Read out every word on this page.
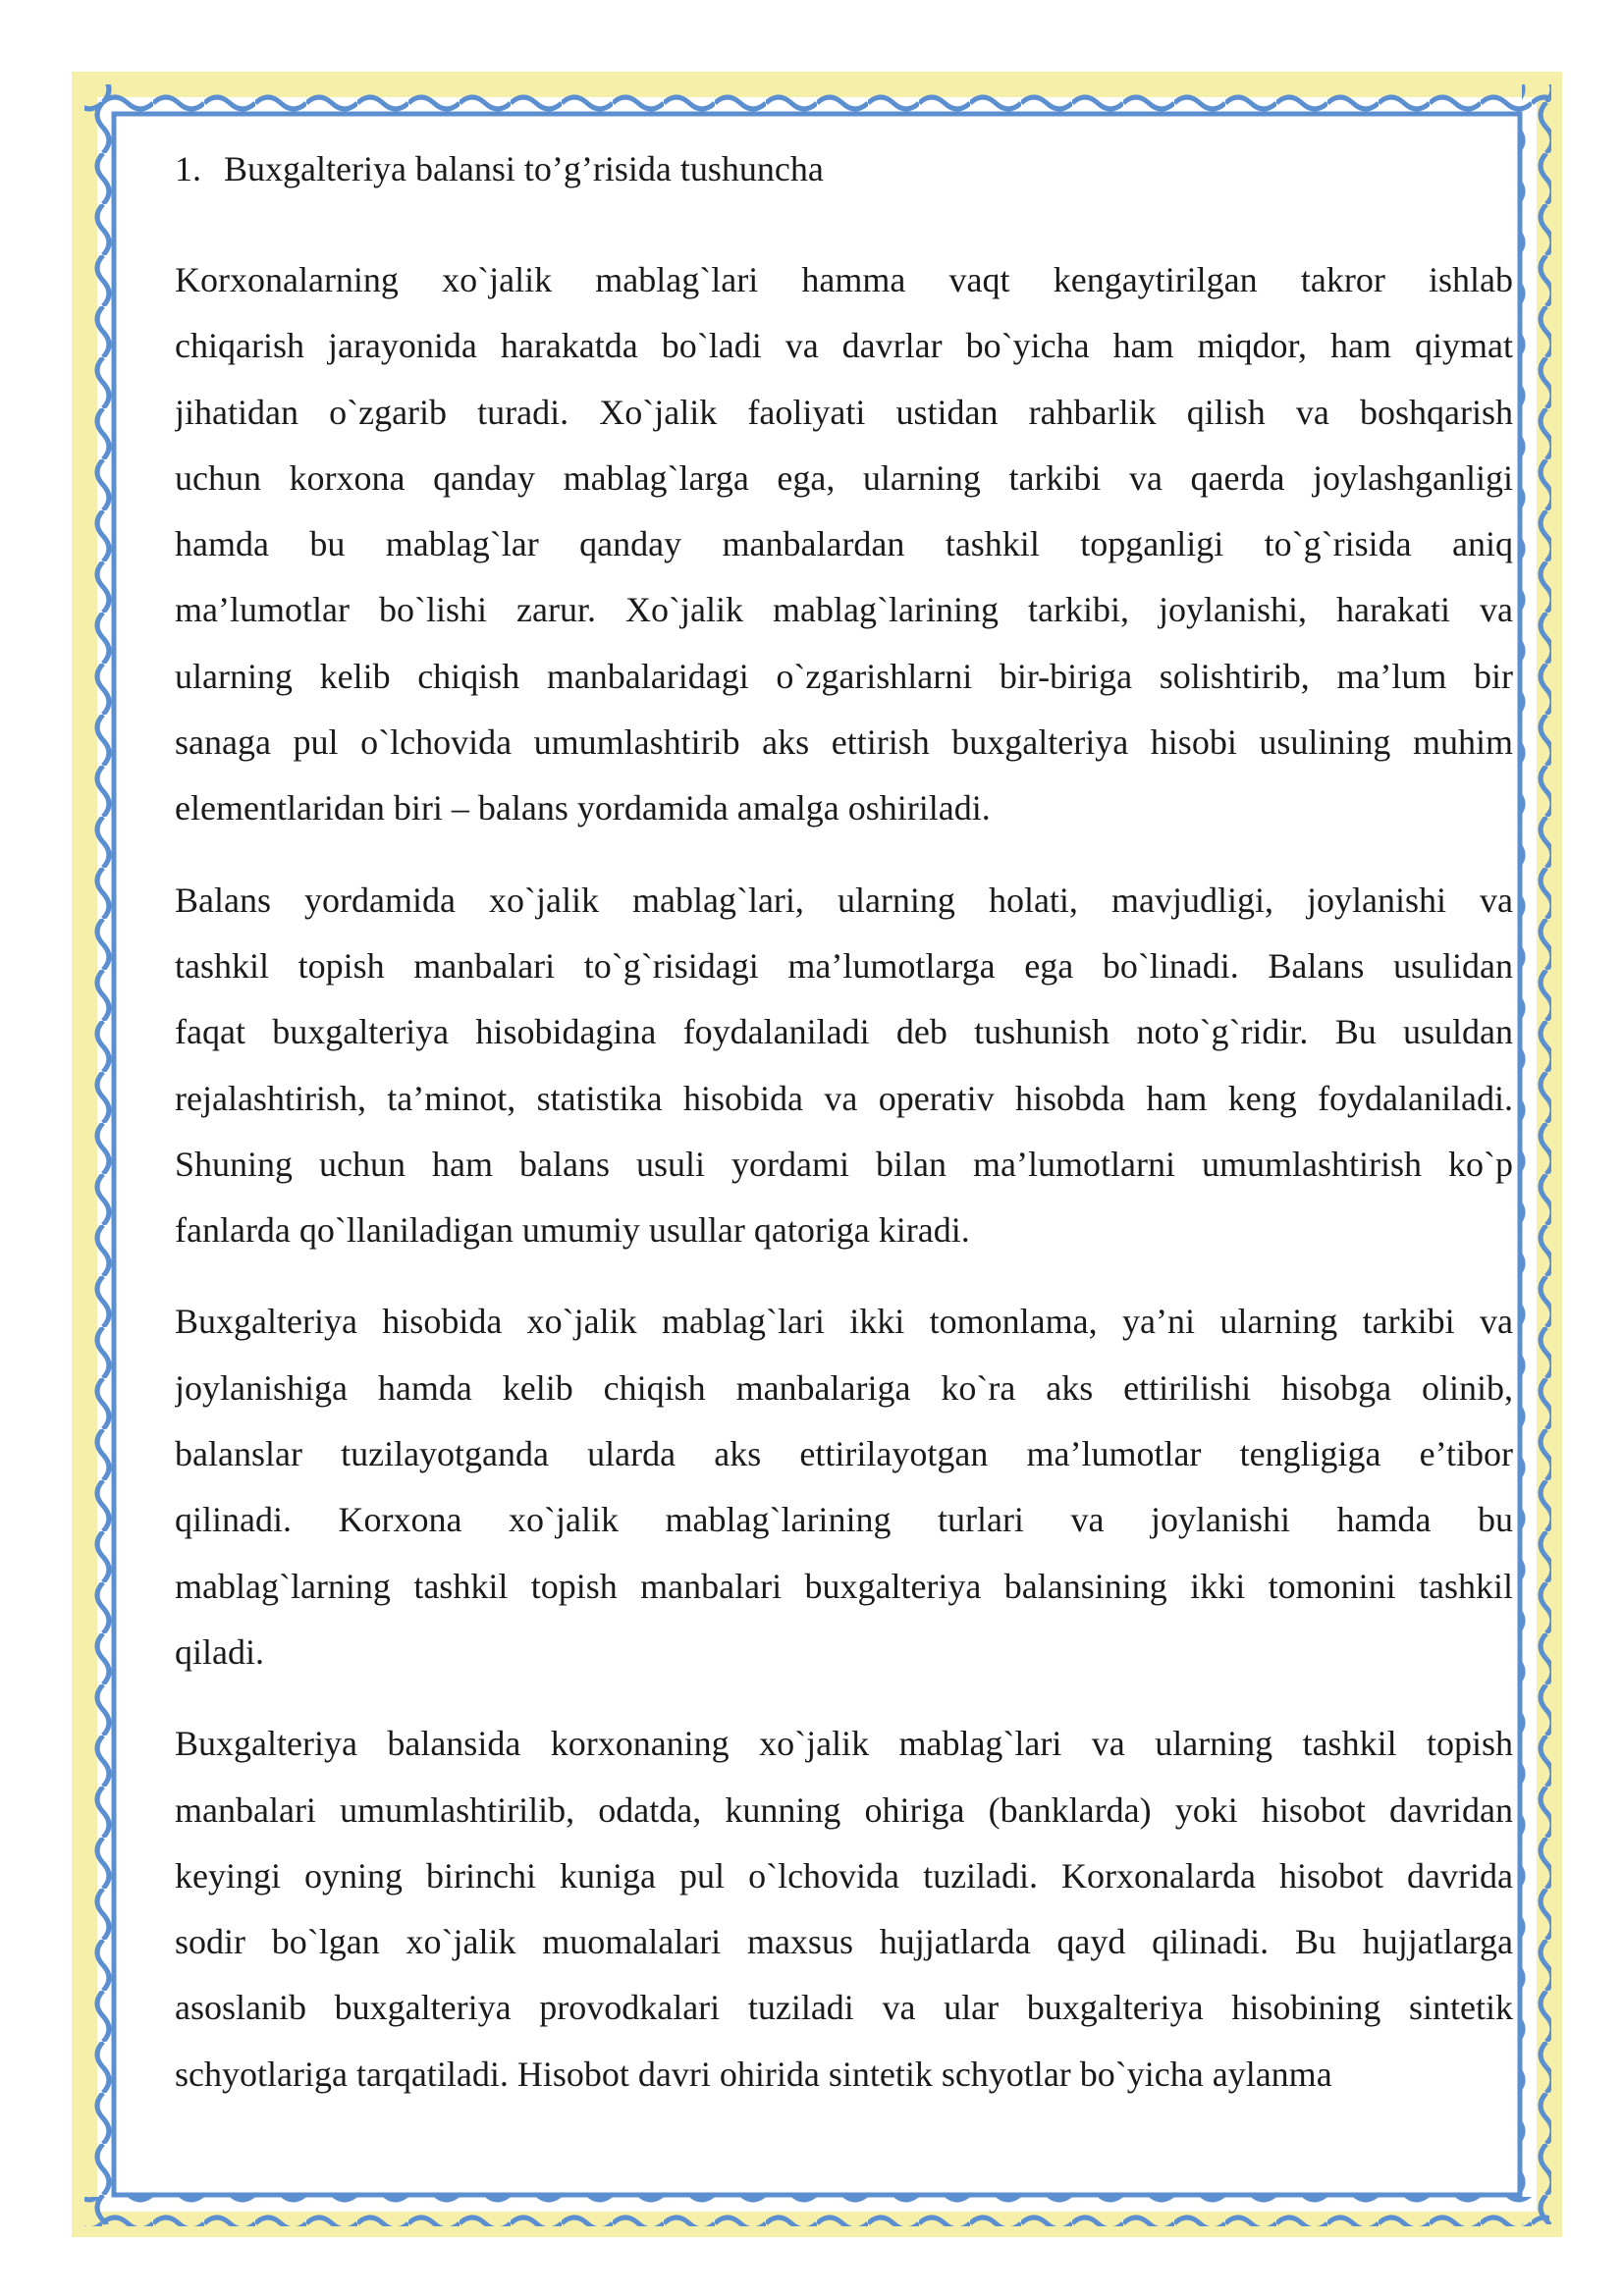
1. Buxgalteriya balansi to’g’risida tushuncha
Korxonalarning xo`jalik mablag`lari hamma vaqt kengaytirilgan takror ishlab
chiqarish jarayonida harakatda bo`ladi va davrlar bo`yicha ham miqdor, ham qiymat
jihatidan o`zgarib turadi. Xo`jalik faoliyati ustidan rahbarlik qilish va boshqarish
uchun korxona qanday mablag`larga ega, ularning tarkibi va qaerda joylashganligi
hamda bu mablag`lar qanday manbalardan tashkil topganligi to`g`risida aniq
ma’lumotlar bo`lishi zarur. Xo`jalik mablag`larining tarkibi, joylanishi, harakati va
ularning kelib chiqish manbalaridagi o`zgarishlarni bir-biriga solishtirib, ma’lum bir
sanaga pul o`lchovida umumlashtirib aks ettirish buxgalteriya hisobi usulining muhim
elementlaridan biri – balans yordamida amalga oshiriladi.
Balans yordamida xo`jalik mablag`lari, ularning holati, mavjudligi, joylanishi va
tashkil topish manbalari to`g`risidagi ma’lumotlarga ega bo`linadi. Balans usulidan
faqat buxgalteriya hisobidagina foydalaniladi deb tushunish noto`g`ridir. Bu usuldan
rejalashtirish, ta’minot, statistika hisobida va operativ hisobda ham keng foydalaniladi.
Shuning uchun ham balans usuli yordami bilan ma’lumotlarni umumlashtirish ko`p
fanlarda qo`llaniladigan umumiy usullar qatoriga kiradi.
Buxgalteriya hisobida xo`jalik mablag`lari ikki tomonlama, ya’ni ularning tarkibi va
joylanishiga hamda kelib chiqish manbalariga ko`ra aks ettirilishi hisobga olinib,
balanslar tuzilayotganda ularda aks ettirilayotgan ma’lumotlar tengligiga e’tibor
qilinadi. Korxona xo`jalik mablag`larining turlari va joylanishi hamda bu
mablag`larning tashkil topish manbalari buxgalteriya balansining ikki tomonini tashkil
qiladi.
Buxgalteriya balansida korxonaning xo`jalik mablag`lari va ularning tashkil topish
manbalari umumlashtirilib, odatda, kunning ohiriga (banklarda) yoki hisobot davridan
keyingi oyning birinchi kuniga pul o`lchovida tuziladi. Korxonalarda hisobot davrida
sodir bo`lgan xo`jalik muomalalari maxsus hujjatlarda qayd qilinadi. Bu hujjatlarga
asoslanib buxgalteriya provodkalari tuziladi va ular buxgalteriya hisobining sintetik
schyotlariga tarqatiladi. Hisobot davri ohirida sintetik schyotlar bo`yicha aylanma
